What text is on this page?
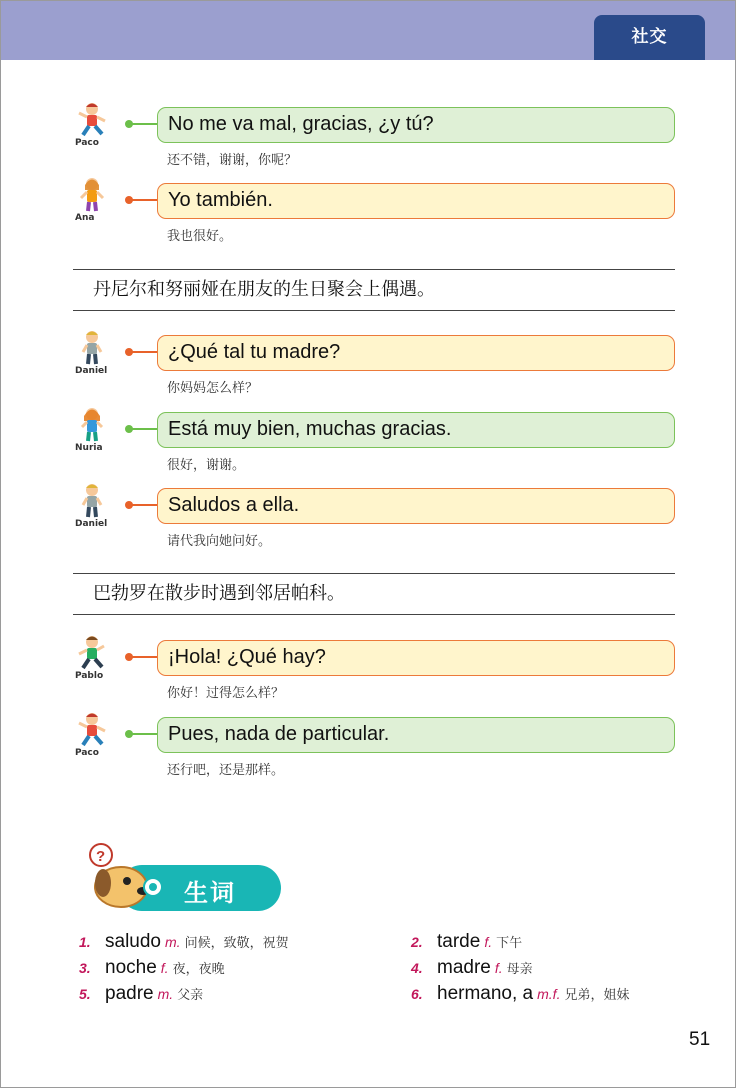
社交
Paco
No me va mal, gracias, ¿y tú?
还不错，谢谢，你呢？
Ana
Yo también.
我也很好。
丹尼尔和努丽娅在朋友的生日聚会上偶遇。
Daniel
¿Qué tal tu madre?
你妈妈怎么样？
Nuria
Está muy bien, muchas gracias.
很好，谢谢。
Daniel
Saludos a ella.
请代我向她问好。
巴勃罗在散步时遇到邻居帕科。
Pablo
¡Hola! ¿Qué hay?
你好！过得怎么样？
Paco
Pues, nada de particular.
还行吧，还是那样。
?
生词
1. saludo m. 问候，致敬，祝贺	2. tarde f. 下午
3. noche f. 夜，夜晚	4. madre f. 母亲
5. padre m. 父亲	6. hermano, a m.f. 兄弟，姐妹
51
